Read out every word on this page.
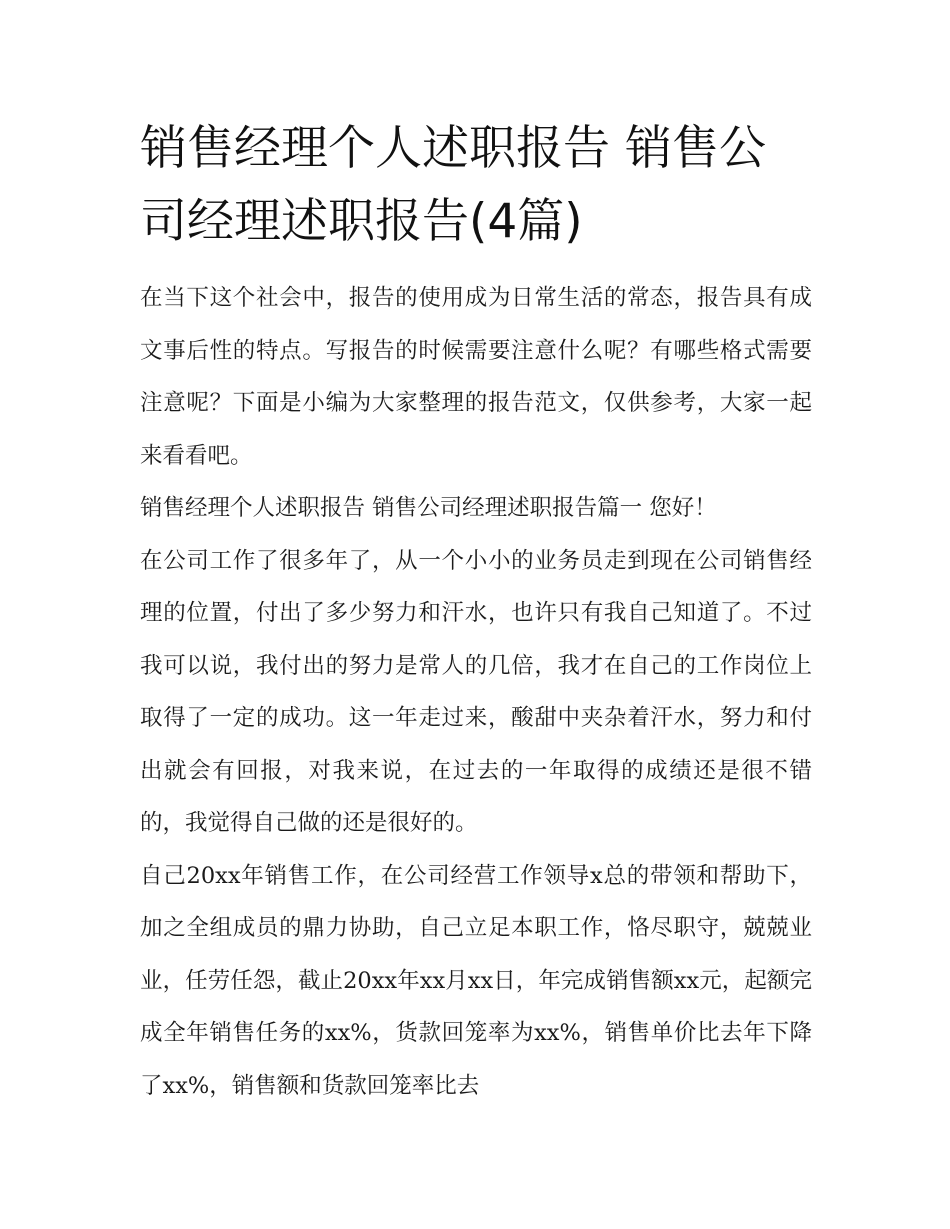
销售经理个人述职报告 销售公司经理述职报告(4篇)

在当下这个社会中，报告的使用成为日常生活的常态，报告具有成文事后性的特点。写报告的时候需要注意什么呢？有哪些格式需要注意呢？下面是小编为大家整理的报告范文，仅供参考，大家一起来看看吧。

销售经理个人述职报告 销售公司经理述职报告篇一 您好！

在公司工作了很多年了，从一个小小的业务员走到现在公司销售经理的位置，付出了多少努力和汗水，也许只有我自己知道了。不过我可以说，我付出的努力是常人的几倍，我才在自己的工作岗位上取得了一定的成功。这一年走过来，酸甜中夹杂着汗水，努力和付出就会有回报，对我来说，在过去的一年取得的成绩还是很不错的，我觉得自己做的还是很好的。

自己20xx年销售工作，在公司经营工作领导x总的带领和帮助下，加之全组成员的鼎力协助，自己立足本职工作，恪尽职守，兢兢业业，任劳任怨，截止20xx年xx月xx日，年完成销售额xx元，起额完成全年销售任务的xx%，货款回笼率为xx%，销售单价比去年下降了xx%，销售额和货款回笼率比去
